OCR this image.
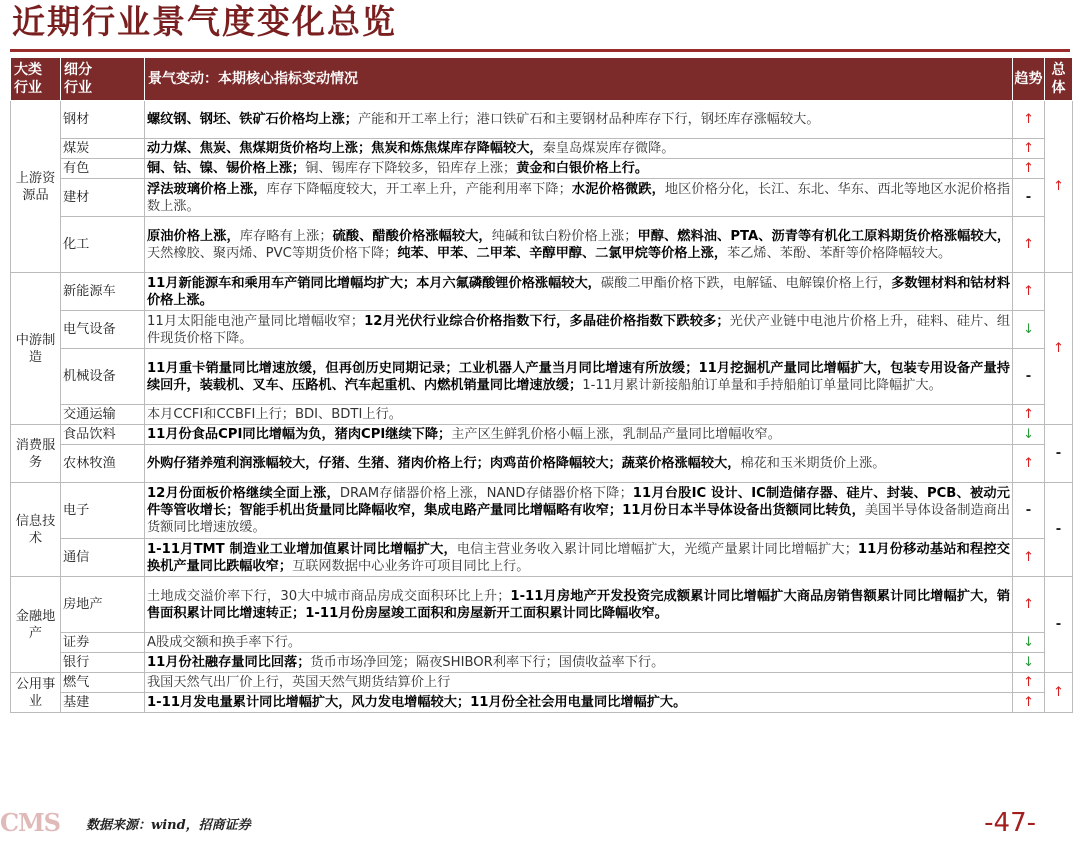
近期行业景气度变化总览
大类
行业	细分
行业	景气变动：本期核心指标变动情况	趋势	总
体
上游资源品	钢材	螺纹钢、钢坯、铁矿石价格均上涨；产能和开工率上行；港口铁矿石和主要钢材品种库存下行，钢坯库存涨幅较大。	↑	↑
	煤炭	动力煤、焦炭、焦煤期货价格均上涨；焦炭和炼焦煤库存降幅较大，秦皇岛煤炭库存微降。	↑	
	有色	铜、钴、镍、锡价格上涨；铜、锡库存下降较多，铅库存上涨；黄金和白银价格上行。	↑	
	建材	浮法玻璃价格上涨，库存下降幅度较大，开工率上升，产能利用率下降；水泥价格微跌，地区价格分化，长江、东北、华东、西北等地区水泥价格指数上涨。	-	
	化工	原油价格上涨，库存略有上涨；硫酸、醋酸价格涨幅较大，纯碱和钛白粉价格上涨；甲醇、燃料油、PTA、沥青等有机化工原料期货价格涨幅较大，天然橡胶、聚丙烯、PVC等期货价格下降；纯苯、甲苯、二甲苯、辛醇甲醇、二氯甲烷等价格上涨，苯乙烯、苯酚、苯酐等价格降幅较大。	↑	
中游制造	新能源车	11月新能源车和乘用车产销同比增幅均扩大；本月六氟磷酸锂价格涨幅较大，碳酸二甲酯价格下跌，电解锰、电解镍价格上行，多数锂材料和钴材料价格上涨。	↑	↑
	电气设备	11月太阳能电池产量同比增幅收窄；12月光伏行业综合价格指数下行，多晶硅价格指数下跌较多；光伏产业链中电池片价格上升，硅料、硅片、组件现货价格下降。	↓	
	机械设备	11月重卡销量同比增速放缓，但再创历史同期记录；工业机器人产量当月同比增速有所放缓；11月挖掘机产量同比增幅扩大，包装专用设备产量持续回升，装载机、叉车、压路机、汽车起重机、内燃机销量同比增速放缓；1-11月累计新接船舶订单量和手持船舶订单量同比降幅扩大。	-	
	交通运输	本月CCFI和CCBFI上行；BDI、BDTI上行。	↑	
消费服务	食品饮料	11月份食品CPI同比增幅为负，猪肉CPI继续下降；主产区生鲜乳价格小幅上涨，乳制品产量同比增幅收窄。	↓	-
	农林牧渔	外购仔猪养殖利润涨幅较大，仔猪、生猪、猪肉价格上行；肉鸡苗价格降幅较大；蔬菜价格涨幅较大，棉花和玉米期货价上涨。	↑	
信息技术	电子	12月份面板价格继续全面上涨，DRAM存储器价格上涨，NAND存储器价格下降；11月台股IC 设计、IC制造储存器、硅片、封装、PCB、被动元件等管收增长；智能手机出货量同比降幅收窄，集成电路产量同比增幅略有收窄；11月份日本半导体设备出货额同比转负，美国半导体设备制造商出货额同比增速放缓。	-	-
	通信	1-11月TMT 制造业工业增加值累计同比增幅扩大，电信主营业务收入累计同比增幅扩大，光缆产量累计同比增幅扩大；11月份移动基站和程控交换机产量同比跌幅收窄；互联网数据中心业务许可项目同比上行。	↑	
金融地产	房地产	土地成交溢价率下行，30大中城市商品房成交面积环比上升；1-11月房地产开发投资完成额累计同比增幅扩大商品房销售额累计同比增幅扩大，销售面积累计同比增速转正；1-11月份房屋竣工面积和房屋新开工面积累计同比降幅收窄。	↑	-
	证券	A股成交额和换手率下行。	↓	
	银行	11月份社融存量同比回落；货币市场净回笼；隔夜SHIBOR利率下行；国债收益率下行。	↓	
公用事业	燃气	我国天然气出厂价上行，英国天然气期货结算价上行	↑	↑
	基建	1-11月发电量累计同比增幅扩大，风力发电增幅较大；11月份全社会用电量同比增幅扩大。	↑	
CMS 数据来源：wind，招商证券	-47-
